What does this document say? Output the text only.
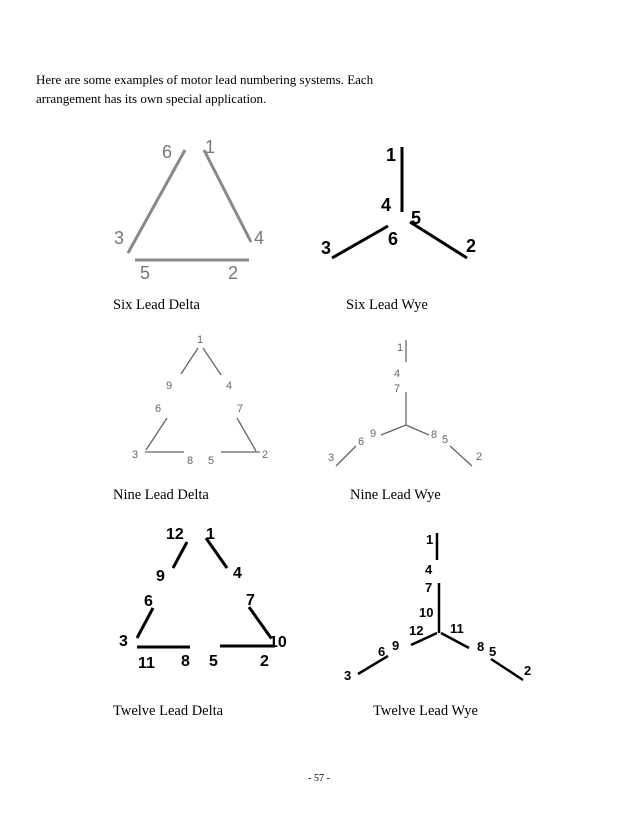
Here are some examples of motor lead numbering systems. Each
arrangement has its own special application.
6 1
3	4
5	2
Six Lead Delta
1
4
5
6
3	2
Six Lead Wye
1
9	4
6	7
3	8 5	2
Nine Lead Delta
1
4
7
6
9	8 5
3	2
Nine Lead Wye
12 1
9	4
6	7
3	10
11 8 5	2
Twelve Lead Delta
1
4
7
10
12 11
6 9	8 5
3	2
Twelve Lead Wye
- 57 -
